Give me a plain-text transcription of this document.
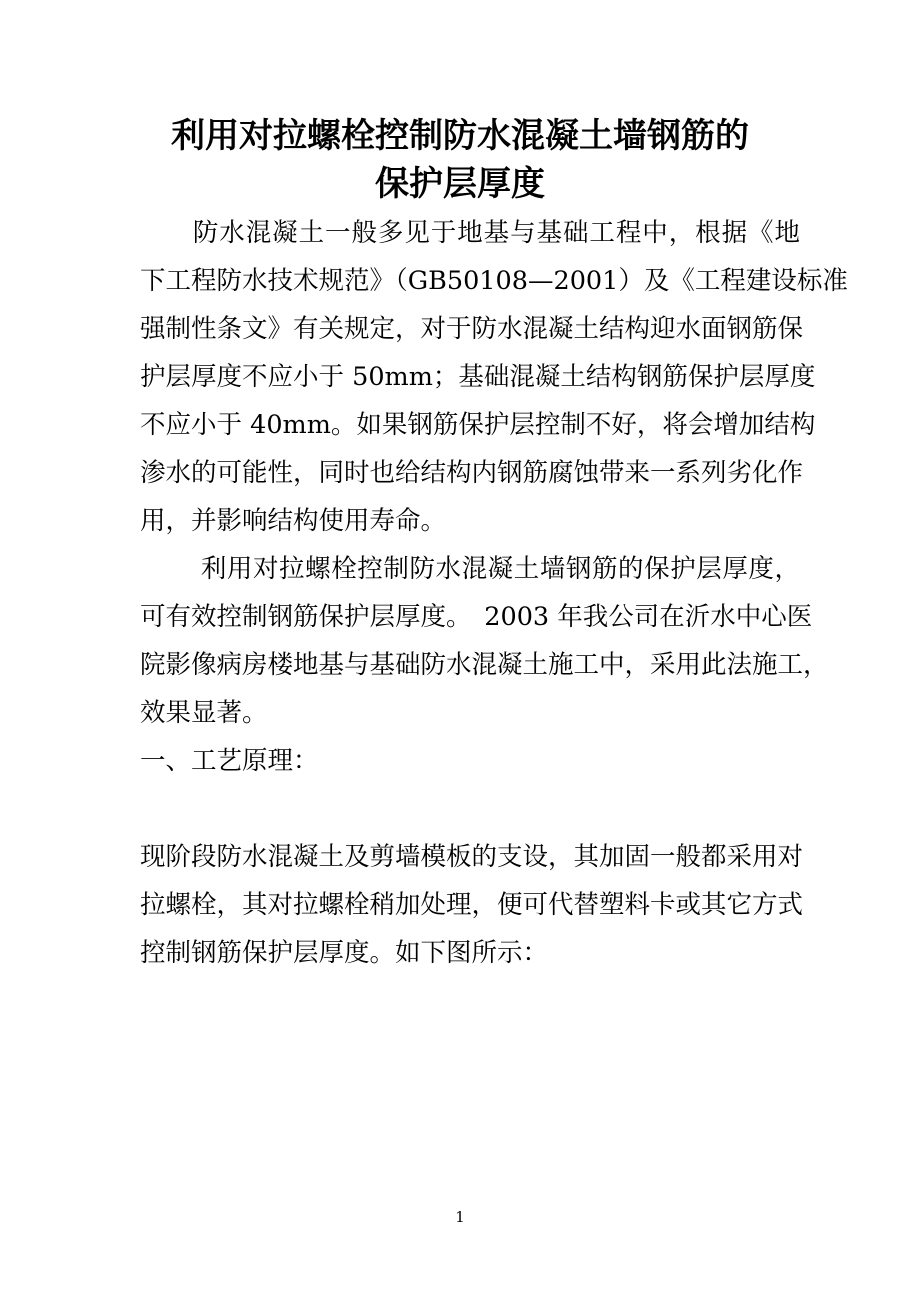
利用对拉螺栓控制防水混凝土墙钢筋的
保护层厚度
　　防水混凝土一般多见于地基与基础工程中，根据《地
下工程防水技术规范》（GB50108—2001）及《工程建设标准
强制性条文》有关规定，对于防水混凝土结构迎水面钢筋保
护层厚度不应小于 50mm；基础混凝土结构钢筋保护层厚度
不应小于 40mm。如果钢筋保护层控制不好，将会增加结构
渗水的可能性，同时也给结构内钢筋腐蚀带来一系列劣化作
用，并影响结构使用寿命。
　　 利用对拉螺栓控制防水混凝土墙钢筋的保护层厚度，
可有效控制钢筋保护层厚度。　2003 年我公司在沂水中心医
院影像病房楼地基与基础防水混凝土施工中，采用此法施工，
效果显著。
一、工艺原理：
现阶段防水混凝土及剪墙模板的支设，其加固一般都采用对
拉螺栓，其对拉螺栓稍加处理，便可代替塑料卡或其它方式
控制钢筋保护层厚度。如下图所示：
1
